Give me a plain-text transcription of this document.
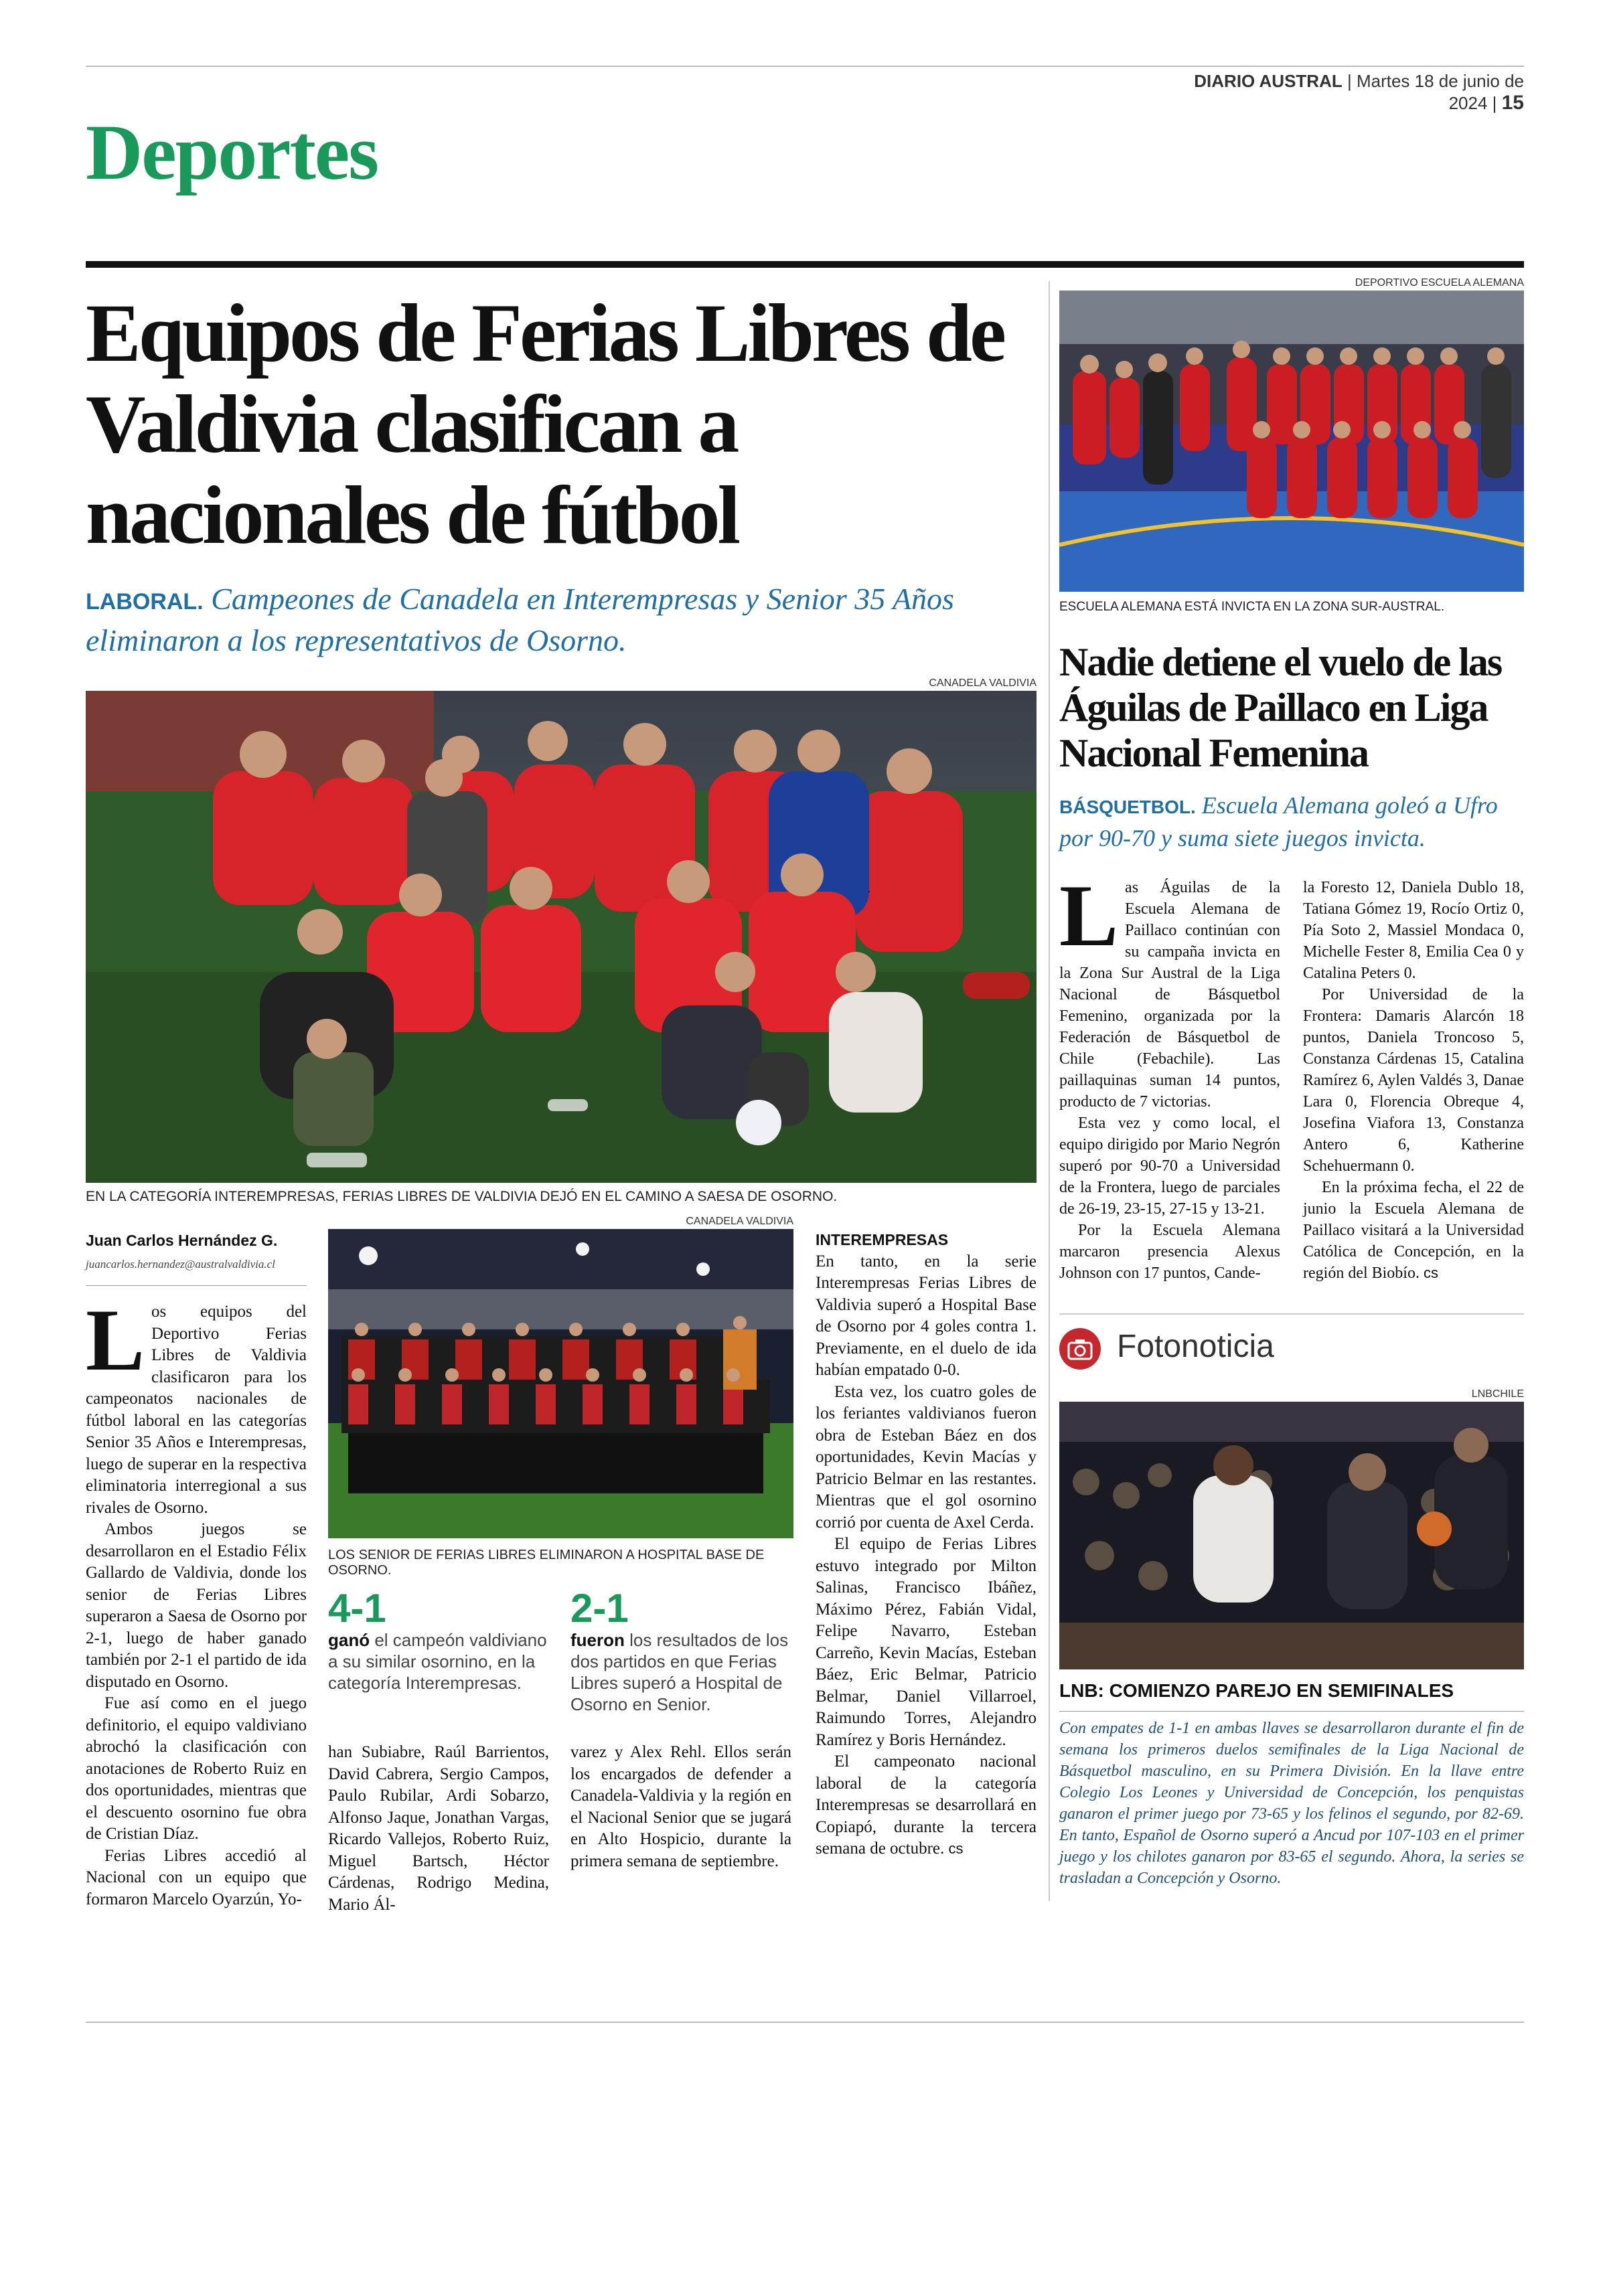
DIARIO AUSTRAL | Martes 18 de junio de 2024 | 15
Deportes
Equipos de Ferias Libres de Valdivia clasifican a nacionales de fútbol
LABORAL. Campeones de Canadela en Interempresas y Senior 35 Años eliminaron a los representativos de Osorno.
CANADELA VALDIVIA
EN LA CATEGORÍA INTEREMPRESAS, FERIAS LIBRES DE VALDIVIA DEJÓ EN EL CAMINO A SAESA DE OSORNO.
Juan Carlos Hernández G.
juancarlos.hernandez@australvaldivia.cl

Los equipos del Deportivo Ferias Libres de Valdivia clasificaron para los campeonatos nacionales de fútbol laboral en las categorías Senior 35 Años e Interempresas, luego de superar en la respectiva eliminatoria interregional a sus rivales de Osorno.

Ambos juegos se desarrollaron en el Estadio Félix Gallardo de Valdivia, donde los senior de Ferias Libres superaron a Saesa de Osorno por 2-1, luego de haber ganado también por 2-1 el partido de ida disputado en Osorno.

Fue así como en el juego definitorio, el equipo valdiviano abrochó la clasificación con anotaciones de Roberto Ruiz en dos oportunidades, mientras que el descuento osornino fue obra de Cristian Díaz.

Ferias Libres accedió al Nacional con un equipo que formaron Marcelo Oyarzún, Yo-

CANADELA VALDIVIA
LOS SENIOR DE FERIAS LIBRES ELIMINARON A HOSPITAL BASE DE OSORNO.
4-1
ganó el campeón valdiviano a su similar osornino, en la categoría Interempresas.
2-1
fueron los resultados de los dos partidos en que Ferias Libres superó a Hospital de Osorno en Senior.

han Subiabre, Raúl Barrientos, David Cabrera, Sergio Campos, Paulo Rubilar, Ardi Sobarzo, Alfonso Jaque, Jonathan Vargas, Ricardo Vallejos, Roberto Ruiz, Miguel Bartsch, Héctor Cárdenas, Rodrigo Medina, Mario Ál-

varez y Alex Rehl. Ellos serán los encargados de defender a Canadela-Valdivia y la región en el Nacional Senior que se jugará en Alto Hospicio, durante la primera semana de septiembre.

INTEREMPRESAS

En tanto, en la serie Interempresas Ferias Libres de Valdivia superó a Hospital Base de Osorno por 4 goles contra 1. Previamente, en el duelo de ida habían empatado 0-0.

Esta vez, los cuatro goles de los feriantes valdivianos fueron obra de Esteban Báez en dos oportunidades, Kevin Macías y Patricio Belmar en las restantes. Mientras que el gol osornino corrió por cuenta de Axel Cerda.

El equipo de Ferias Libres estuvo integrado por Milton Salinas, Francisco Ibáñez, Máximo Pérez, Fabián Vidal, Felipe Navarro, Esteban Carreño, Kevin Macías, Esteban Báez, Eric Belmar, Patricio Belmar, Daniel Villarroel, Raimundo Torres, Alejandro Ramírez y Boris Hernández.

El campeonato nacional laboral de la categoría Interempresas se desarrollará en Copiapó, durante la tercera semana de octubre. cs

DEPORTIVO ESCUELA ALEMANA
ESCUELA ALEMANA ESTÁ INVICTA EN LA ZONA SUR-AUSTRAL.
Nadie detiene el vuelo de las Águilas de Paillaco en Liga Nacional Femenina
BÁSQUETBOL. Escuela Alemana goleó a Ufro por 90-70 y suma siete juegos invicta.

Las Águilas de la Escuela Alemana de Paillaco continúan con su campaña invicta en la Zona Sur Austral de la Liga Nacional de Básquetbol Femenino, organizada por la Federación de Básquetbol de Chile (Febachile). Las paillaquinas suman 14 puntos, producto de 7 victorias.

Esta vez y como local, el equipo dirigido por Mario Negrón superó por 90-70 a Universidad de la Frontera, luego de parciales de 26-19, 23-15, 27-15 y 13-21.

Por la Escuela Alemana marcaron presencia Alexus Johnson con 17 puntos, Cande-

la Foresto 12, Daniela Dublo 18, Tatiana Gómez 19, Rocío Ortiz 0, Pía Soto 2, Massiel Mondaca 0, Michelle Fester 8, Emilia Cea 0 y Catalina Peters 0.

Por Universidad de la Frontera: Damaris Alarcón 18 puntos, Daniela Troncoso 5, Constanza Cárdenas 15, Catalina Ramírez 6, Aylen Valdés 3, Danae Lara 0, Florencia Obreque 4, Josefina Viafora 13, Constanza Antero 6, Katherine Schehuermann 0.

En la próxima fecha, el 22 de junio la Escuela Alemana de Paillaco visitará a la Universidad Católica de Concepción, en la región del Biobío. cs

Fotonoticia
LNBCHILE
LNB: COMIENZO PAREJO EN SEMIFINALES
Con empates de 1-1 en ambas llaves se desarrollaron durante el fin de semana los primeros duelos semifinales de la Liga Nacional de Básquetbol masculino, en su Primera División. En la llave entre Colegio Los Leones y Universidad de Concepción, los penquistas ganaron el primer juego por 73-65 y los felinos el segundo, por 82-69. En tanto, Español de Osorno superó a Ancud por 107-103 en el primer juego y los chilotes ganaron por 83-65 el segundo. Ahora, la series se trasladan a Concepción y Osorno.
